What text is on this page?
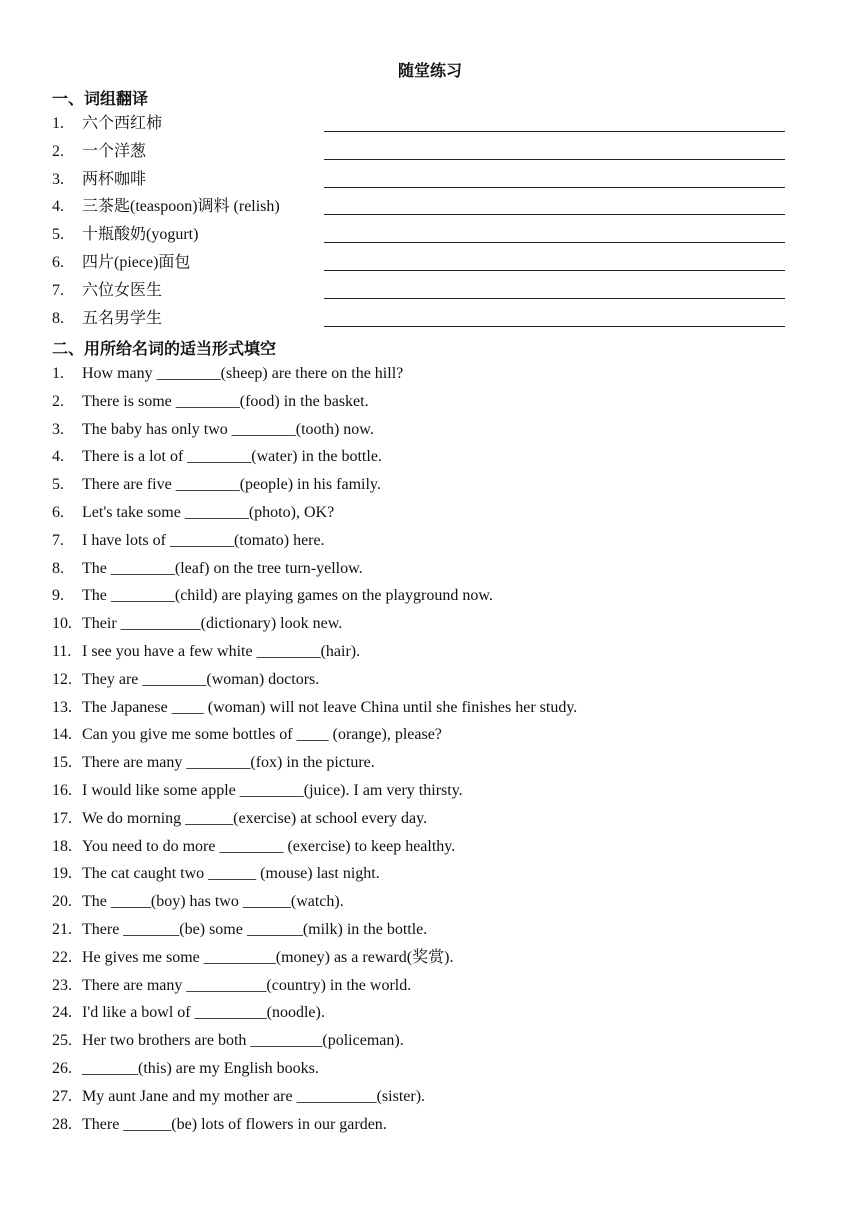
随堂练习
一、词组翻译
1. 六个西红柿
2. 一个洋葱
3. 两杯咖啡
4. 三茶匙(teaspoon)调料 (relish)
5. 十瓶酸奶(yogurt)
6. 四片(piece)面包
7. 六位女医生
8. 五名男学生
二、用所给名词的适当形式填空
1. How many ________(sheep) are there on the hill?
2. There is some ________(food) in the basket.
3. The baby has only two ________(tooth) now.
4. There is a lot of ________(water) in the bottle.
5. There are five ________(people) in his family.
6. Let's take some ________(photo), OK?
7. I have lots of ________(tomato) here.
8. The ________(leaf) on the tree turn-yellow.
9. The ________(child) are playing games on the playground now.
10. Their __________(dictionary) look new.
11. I see you have a few white ________(hair).
12. They are ________(woman) doctors.
13. The Japanese ____ (woman) will not leave China until she finishes her study.
14. Can you give me some bottles of ____ (orange), please?
15. There are many ________(fox) in the picture.
16. I would like some apple ________(juice). I am very thirsty.
17. We do morning ______(exercise) at school every day.
18. You need to do more ________ (exercise) to keep healthy.
19. The cat caught two ______ (mouse) last night.
20. The _____(boy) has two ______(watch).
21. There _______(be) some _______(milk) in the bottle.
22. He gives me some _________(money) as a reward(奖赏).
23. There are many __________(country) in the world.
24. I'd like a bowl of _________(noodle).
25. Her two brothers are both _________(policeman).
26. _______(this) are my English books.
27. My aunt Jane and my mother are __________(sister).
28. There ______(be) lots of flowers in our garden.
